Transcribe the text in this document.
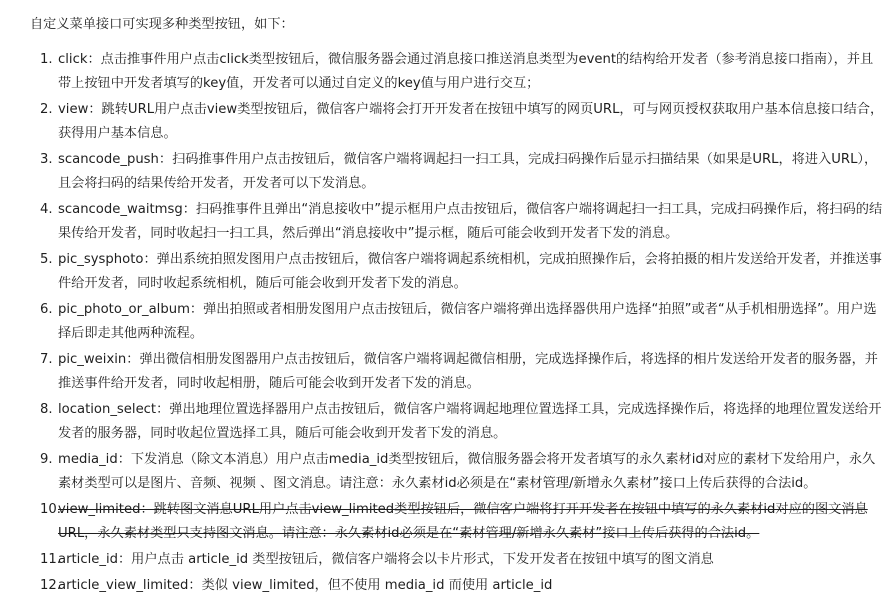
自定义菜单接口可实现多种类型按钮，如下：

1. click：点击推事件用户点击click类型按钮后，微信服务器会通过消息接口推送消息类型为event的结构给开发者（参考消息接口指南），并且带上按钮中开发者填写的key值，开发者可以通过自定义的key值与用户进行交互；
2. view：跳转URL用户点击view类型按钮后，微信客户端将会打开开发者在按钮中填写的网页URL，可与网页授权获取用户基本信息接口结合，获得用户基本信息。
3. scancode_push：扫码推事件用户点击按钮后，微信客户端将调起扫一扫工具，完成扫码操作后显示扫描结果（如果是URL，将进入URL），且会将扫码的结果传给开发者，开发者可以下发消息。
4. scancode_waitmsg：扫码推事件且弹出“消息接收中”提示框用户点击按钮后，微信客户端将调起扫一扫工具，完成扫码操作后，将扫码的结果传给开发者，同时收起扫一扫工具，然后弹出“消息接收中”提示框，随后可能会收到开发者下发的消息。
5. pic_sysphoto：弹出系统拍照发图用户点击按钮后，微信客户端将调起系统相机，完成拍照操作后，会将拍摄的相片发送给开发者，并推送事件给开发者，同时收起系统相机，随后可能会收到开发者下发的消息。
6. pic_photo_or_album：弹出拍照或者相册发图用户点击按钮后，微信客户端将弹出选择器供用户选择“拍照”或者“从手机相册选择”。用户选择后即走其他两种流程。
7. pic_weixin：弹出微信相册发图器用户点击按钮后，微信客户端将调起微信相册，完成选择操作后，将选择的相片发送给开发者的服务器，并推送事件给开发者，同时收起相册，随后可能会收到开发者下发的消息。
8. location_select：弹出地理位置选择器用户点击按钮后，微信客户端将调起地理位置选择工具，完成选择操作后，将选择的地理位置发送给开发者的服务器，同时收起位置选择工具，随后可能会收到开发者下发的消息。
9. media_id：下发消息（除文本消息）用户点击media_id类型按钮后，微信服务器会将开发者填写的永久素材id对应的素材下发给用户，永久素材类型可以是图片、音频、视频 、图文消息。请注意：永久素材id必须是在“素材管理/新增永久素材”接口上传后获得的合法id。
10.
view_limited：跳转图文消息URL用户点击view_limited类型按钮后，微信客户端将打开开发者在按钮中填写的永久素材id对应的图文消息URL，永久素材类型只支持图文消息。请注意：永久素材id必须是在“素材管理/新增永久素材”接口上传后获得的合法id。
11.
article_id：用户点击 article_id 类型按钮后，微信客户端将会以卡片形式，下发开发者在按钮中填写的图文消息
12.
article_view_limited：类似 view_limited，但不使用 media_id 而使用 article_id
